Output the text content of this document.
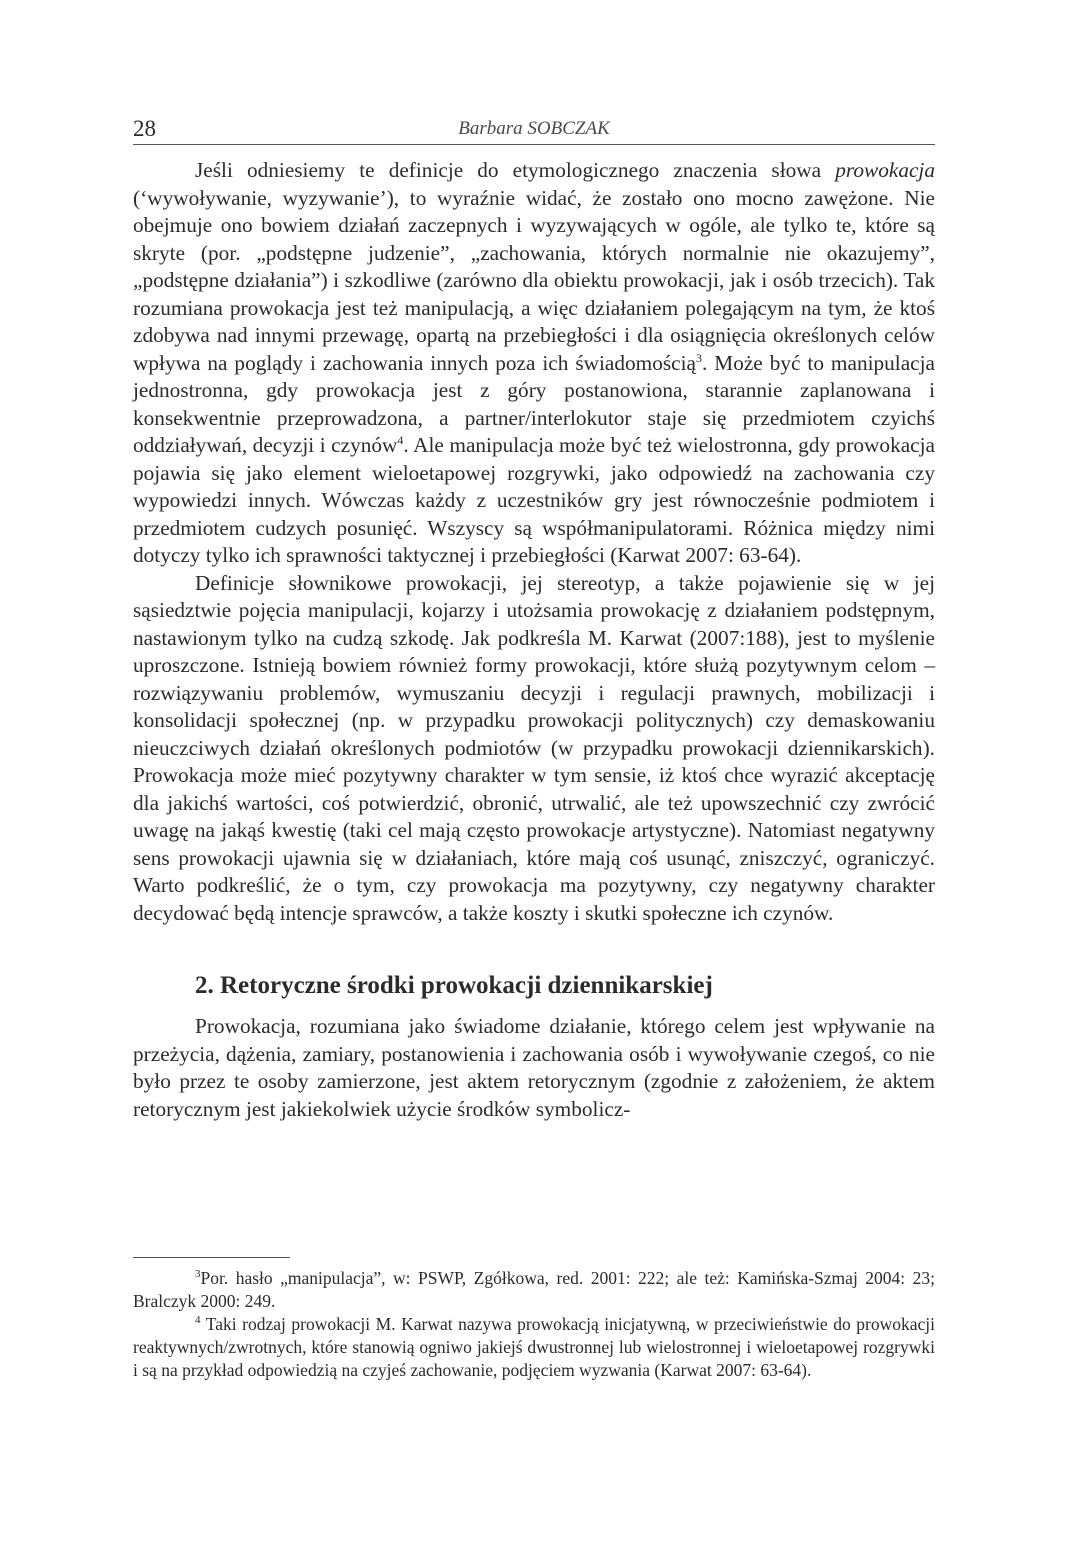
28	Barbara SOBCZAK

Jeśli odniesiemy te definicje do etymologicznego znaczenia słowa prowokacja (‘wywoływanie, wyzywanie’), to wyraźnie widać, że zostało ono mocno zawężone. Nie obejmuje ono bowiem działań zaczepnych i wyzywających w ogóle, ale tylko te, które są skryte (por. „podstępne judzenie”, „zachowania, których normalnie nie okazujemy”, „podstępne działania”) i szkodliwe (zarówno dla obiektu prowokacji, jak i osób trzecich). Tak rozumiana prowokacja jest też manipulacją, a więc działaniem polegającym na tym, że ktoś zdobywa nad innymi przewagę, opartą na przebiegłości i dla osiągnięcia określonych celów wpływa na poglądy i zachowania innych poza ich świadomością$^3$. Może być to manipulacja jednostronna, gdy prowokacja jest z góry postanowiona, starannie zaplanowana i konsekwentnie przeprowadzona, a partner/interlokutor staje się przedmiotem czyichś oddziaływań, decyzji i czynów$^4$. Ale manipulacja może być też wielostronna, gdy prowokacja pojawia się jako element wieloetapowej rozgrywki, jako odpowiedź na zachowania czy wypowiedzi innych. Wówczas każdy z uczestników gry jest równocześnie podmiotem i przedmiotem cudzych posunięć. Wszyscy są współmanipulatorami. Różnica między nimi dotyczy tylko ich sprawności taktycznej i przebiegłości (Karwat 2007: 63-64).

Definicje słownikowe prowokacji, jej stereotyp, a także pojawienie się w jej sąsiedztwie pojęcia manipulacji, kojarzy i utożsamia prowokację z działaniem podstępnym, nastawionym tylko na cudzą szkodę. Jak podkreśla M. Karwat (2007:188), jest to myślenie uproszczone. Istnieją bowiem również formy prowokacji, które służą pozytywnym celom – rozwiązywaniu problemów, wymuszaniu decyzji i regulacji prawnych, mobilizacji i konsolidacji społecznej (np. w przypadku prowokacji politycznych) czy demaskowaniu nieuczciwych działań określonych podmiotów (w przypadku prowokacji dziennikarskich). Prowokacja może mieć pozytywny charakter w tym sensie, iż ktoś chce wyrazić akceptację dla jakichś wartości, coś potwierdzić, obronić, utrwalić, ale też upowszechnić czy zwrócić uwagę na jakąś kwestię (taki cel mają często prowokacje artystyczne). Natomiast negatywny sens prowokacji ujawnia się w działaniach, które mają coś usunąć, zniszczyć, ograniczyć. Warto podkreślić, że o tym, czy prowokacja ma pozytywny, czy negatywny charakter decydować będą intencje sprawców, a także koszty i skutki społeczne ich czynów.

2. Retoryczne środki prowokacji dziennikarskiej

Prowokacja, rozumiana jako świadome działanie, którego celem jest wpływanie na przeżycia, dążenia, zamiary, postanowienia i zachowania osób i wywoływanie czegoś, co nie było przez te osoby zamierzone, jest aktem retorycznym (zgodnie z założeniem, że aktem retorycznym jest jakiekolwiek użycie środków symbolicz-

$^3$Por. hasło „manipulacja”, w: PSWP, Zgółkowa, red. 2001: 222; ale też: Kamińska-Szmaj 2004: 23; Bralczyk 2000: 249.

$^4$ Taki rodzaj prowokacji M. Karwat nazywa prowokacją inicjatywną, w przeciwieństwie do prowokacji reaktywnych/zwrotnych, które stanowią ogniwo jakiejś dwustronnej lub wielostronnej i wieloetapowej rozgrywki i są na przykład odpowiedzią na czyjeś zachowanie, podjęciem wyzwania (Karwat 2007: 63-64).
